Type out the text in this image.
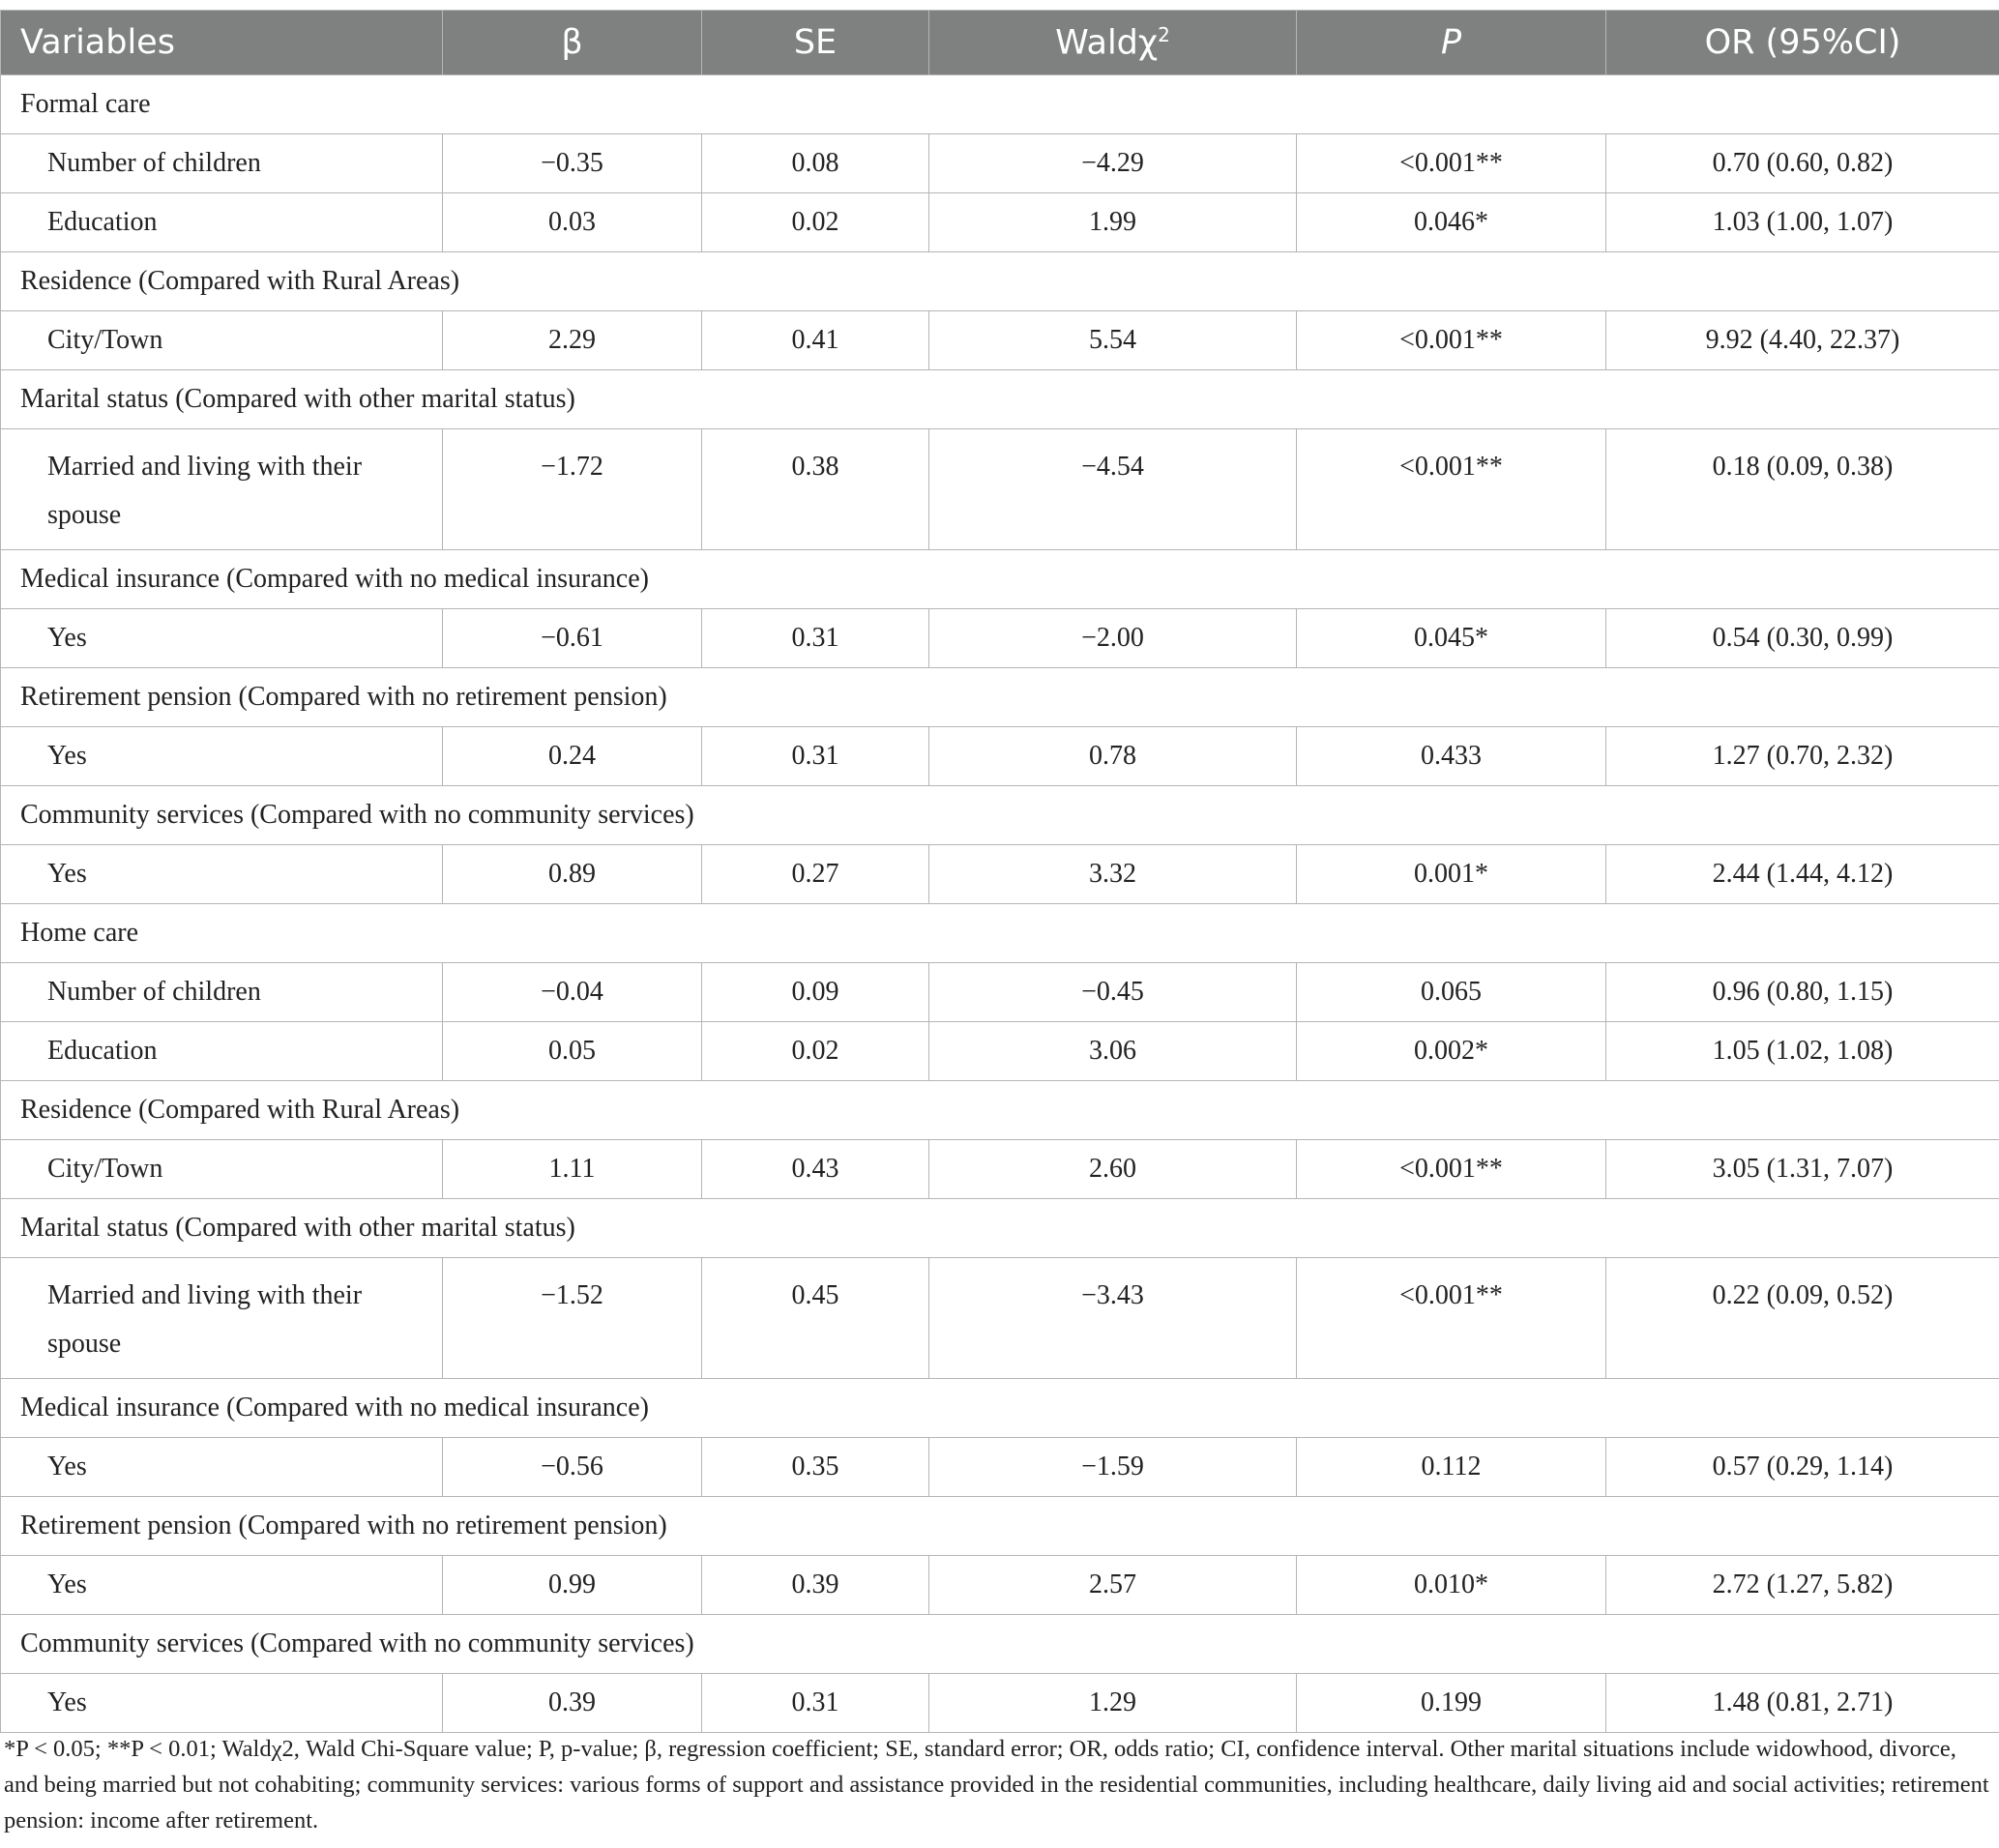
Variables	β	SE	Waldχ$^2$	P	OR (95%CI)
Formal care					
Number of children	−0.35	0.08	−4.29	<0.001**	0.70 (0.60, 0.82)
Education	0.03	0.02	1.99	0.046*	1.03 (1.00, 1.07)
Residence (Compared with Rural Areas)					
City/Town	2.29	0.41	5.54	<0.001**	9.92 (4.40, 22.37)
Marital status (Compared with other marital status)					
Married and living with their spouse	−1.72	0.38	−4.54	<0.001**	0.18 (0.09, 0.38)
Medical insurance (Compared with no medical insurance)					
Yes	−0.61	0.31	−2.00	0.045*	0.54 (0.30, 0.99)
Retirement pension (Compared with no retirement pension)					
Yes	0.24	0.31	0.78	0.433	1.27 (0.70, 2.32)
Community services (Compared with no community services)					
Yes	0.89	0.27	3.32	0.001*	2.44 (1.44, 4.12)
Home care					
Number of children	−0.04	0.09	−0.45	0.065	0.96 (0.80, 1.15)
Education	0.05	0.02	3.06	0.002*	1.05 (1.02, 1.08)
Residence (Compared with Rural Areas)					
City/Town	1.11	0.43	2.60	<0.001**	3.05 (1.31, 7.07)
Marital status (Compared with other marital status)					
Married and living with their spouse	−1.52	0.45	−3.43	<0.001**	0.22 (0.09, 0.52)
Medical insurance (Compared with no medical insurance)					
Yes	−0.56	0.35	−1.59	0.112	0.57 (0.29, 1.14)
Retirement pension (Compared with no retirement pension)					
Yes	0.99	0.39	2.57	0.010*	2.72 (1.27, 5.82)
Community services (Compared with no community services)					
Yes	0.39	0.31	1.29	0.199	1.48 (0.81, 2.71)
*P < 0.05; **P < 0.01; Waldχ2, Wald Chi-Square value; P, p-value; β, regression coefficient; SE, standard error; OR, odds ratio; CI, confidence interval. Other marital situations include widowhood, divorce, and being married but not cohabiting; community services: various forms of support and assistance provided in the residential communities, including healthcare, daily living aid and social activities; retirement pension: income after retirement.
